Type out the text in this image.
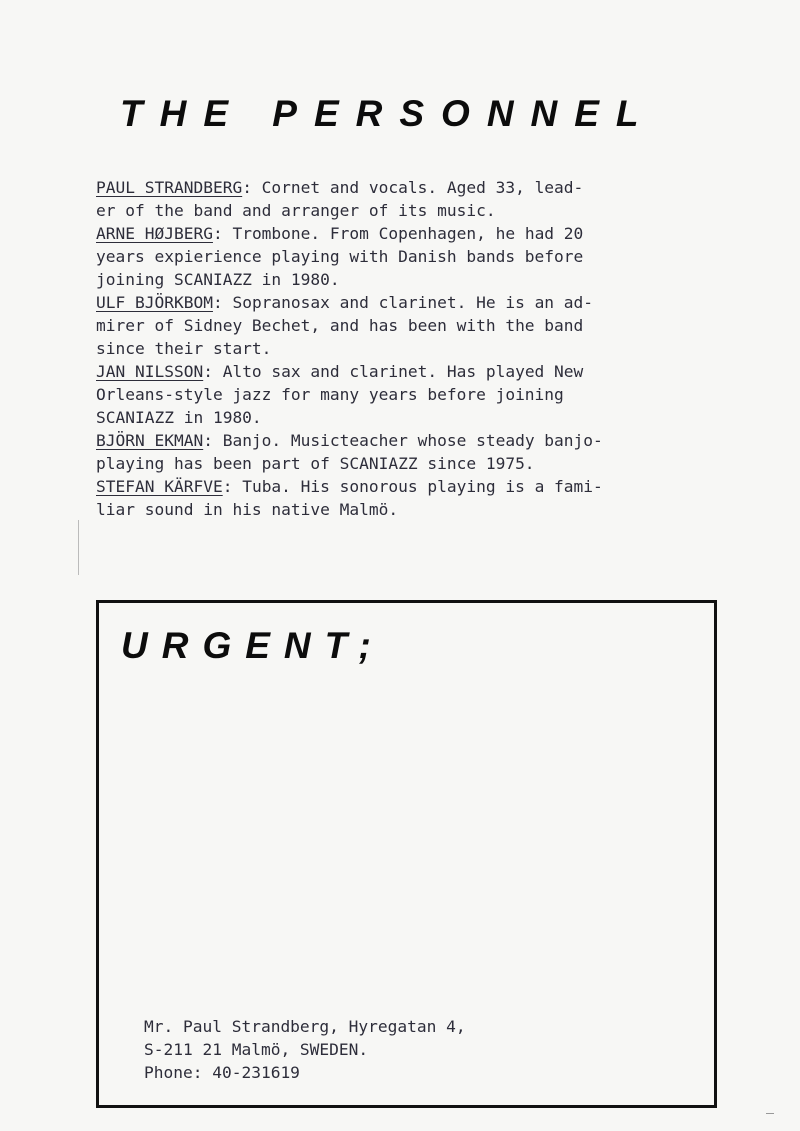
THE PERSONNEL

PAUL STRANDBERG: Cornet and vocals. Aged 33, lead-
er of the band and arranger of its music.

ARNE HØJBERG: Trombone. From Copenhagen, he had 20
years expierience playing with Danish bands before
joining SCANIAZZ in 1980.

ULF BJÖRKBOM: Sopranosax and clarinet. He is an ad-
mirer of Sidney Bechet, and has been with the band
since their start.

JAN NILSSON: Alto sax and clarinet. Has played New
Orleans-style jazz for many years before joining
SCANIAZZ in 1980.

BJÖRN EKMAN: Banjo. Musicteacher whose steady banjo-
playing has been part of SCANIAZZ since 1975.

STEFAN KÄRFVE: Tuba. His sonorous playing is a fami-
liar sound in his native Malmö.

URGENT;

Mr. Paul Strandberg, Hyregatan 4,

S-211 21 Malmö, SWEDEN.

Phone: 40-231619
